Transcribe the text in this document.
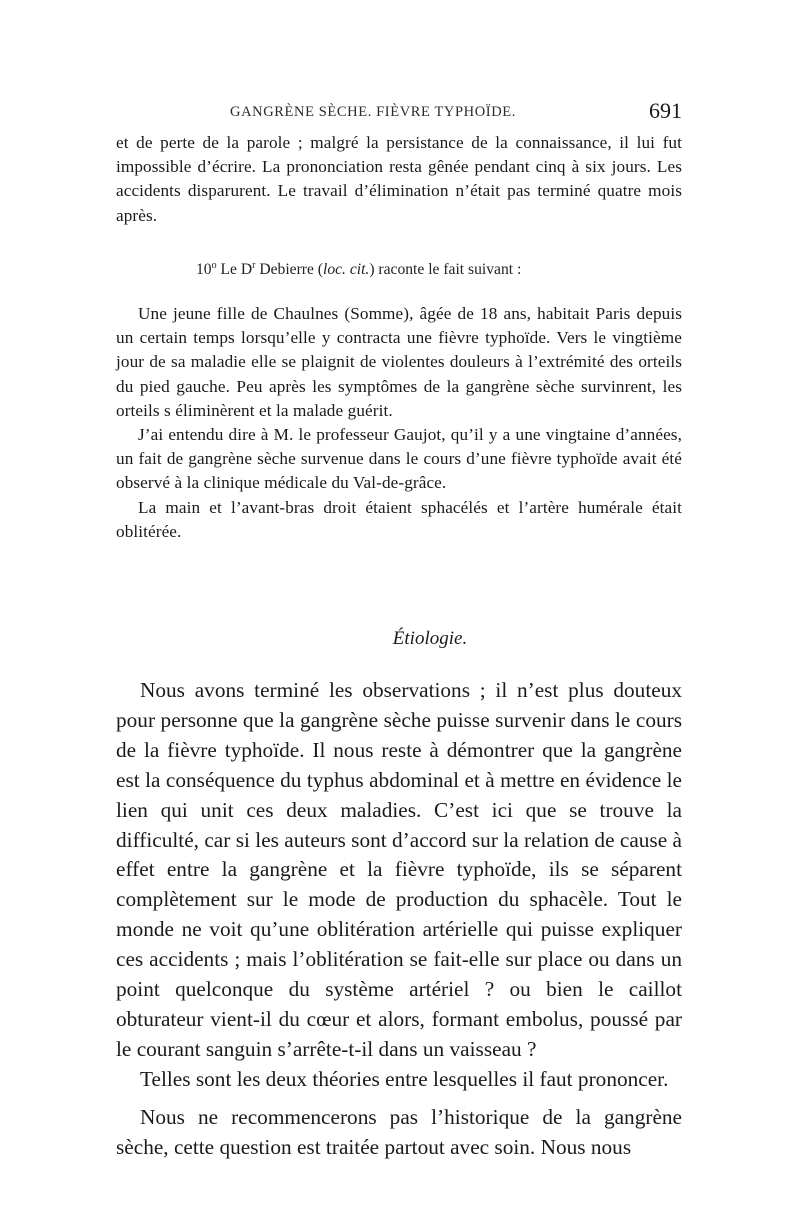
GANGRÈNE SÈCHE. FIÈVRE TYPHOÏDE.	691

et de perte de la parole ; malgré la persistance de la connaissance, il lui fut impossible d’écrire. La prononciation resta gênée pendant cinq à six jours. Les accidents disparurent. Le travail d’élimination n’était pas terminé quatre mois après.

10$^o$ Le $D^r$ Debierre (loc. cit.) raconte le fait suivant :

Une jeune fille de Chaulnes (Somme), âgée de 18 ans, habitait Paris depuis un certain temps lorsqu’elle y contracta une fièvre typhoïde. Vers le vingtième jour de sa maladie elle se plaignit de violentes douleurs à l’extrémité des orteils du pied gauche. Peu après les symptômes de la gangrène sèche survinrent, les orteils s éliminèrent et la malade guérit.

J’ai entendu dire à M. le professeur Gaujot, qu’il y a une vingtaine d’années, un fait de gangrène sèche survenue dans le cours d’une fièvre typhoïde avait été observé à la clinique médicale du Val-de-grâce.

La main et l’avant-bras droit étaient sphacélés et l’artère humérale était oblitérée.

Étiologie.

Nous avons terminé les observations ; il n’est plus douteux pour personne que la gangrène sèche puisse survenir dans le cours de la fièvre typhoïde. Il nous reste à démontrer que la gangrène est la conséquence du typhus abdominal et à mettre en évidence le lien qui unit ces deux maladies. C’est ici que se trouve la difficulté, car si les auteurs sont d’accord sur la relation de cause à effet entre la gangrène et la fièvre typhoïde, ils se séparent complètement sur le mode de production du sphacèle. Tout le monde ne voit qu’une oblitération artérielle qui puisse expliquer ces accidents ; mais l’oblitération se fait-elle sur place ou dans un point quelconque du système artériel ? ou bien le caillot obturateur vient-il du cœur et alors, formant embolus, poussé par le courant sanguin s’arrête-t-il dans un vaisseau ?

Telles sont les deux théories entre lesquelles il faut prononcer.

Nous ne recommencerons pas l’historique de la gangrène sèche, cette question est traitée partout avec soin. Nous nous
